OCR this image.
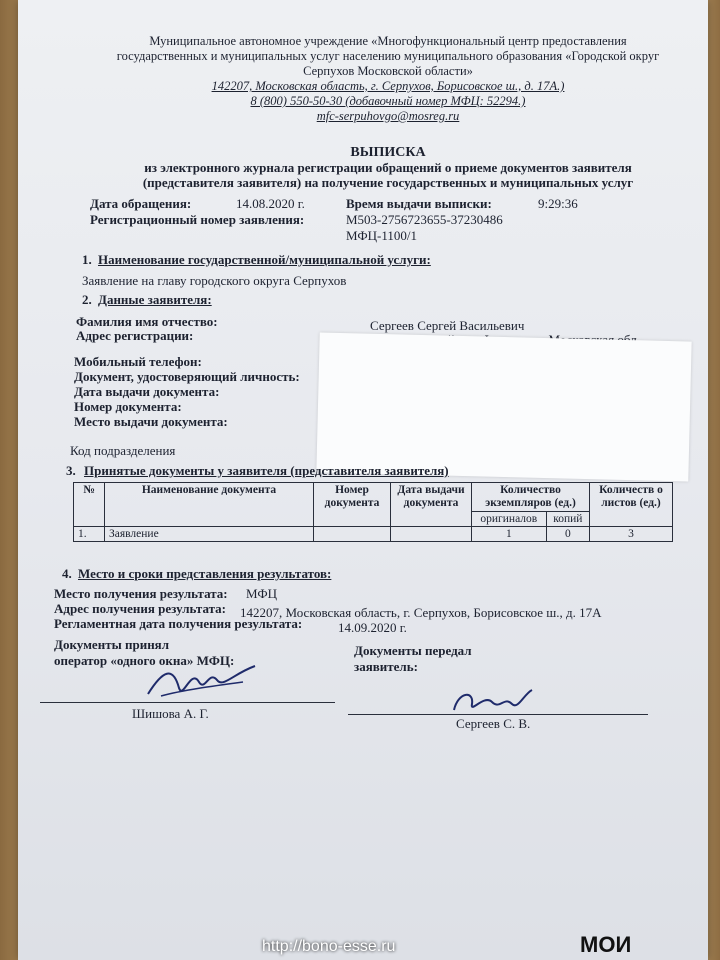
Муниципальное автономное учреждение «Многофункциональный центр предоставления
государственных и муниципальных услуг населению муниципального образования «Городской округ
Серпухов Московской области»
142207, Московская область, г. Серпухов, Борисовское ш., д. 17А.)
8 (800) 550-50-30 (добавочный номер МФЦ: 52294.)
mfc-serpuhovgo@mosreg.ru
ВЫПИСКА
из электронного журнала регистрации обращений о приеме документов заявителя
(представителя заявителя) на получение государственных и муниципальных услуг
Дата обращения:	14.08.2020 г.	Время выдачи выписки:	9:29:36
Регистрационный номер заявления:	М503-2756723655-37230486
МФЦ-1100/1
1. Наименование государственной/муниципальной услуги:
Заявление на главу городского округа Серпухов
2. Данные заявителя:
Фамилия имя отчество:	Сергеев Сергей Васильевич
Адрес регистрации:
Мобильный телефон:
Документ, удостоверяющий личность:
Дата выдачи документа:
Номер документа:
Место выдачи документа:
Код подразделения
3. Принятые документы у заявителя (представителя заявителя)
№	Наименование документа	Номер документа	Дата выдачи документа	Количество экземпляров (ед.)		Количеств о листов (ед.)
				оригиналов	копий	
1.	Заявление			1	0	3
4. Место и сроки представления результатов:
Место получения результата: МФЦ
Адрес получения результата: 142207, Московская область, г. Серпухов, Борисовское ш., д. 17А
Регламентная дата получения результата:	14.09.2020 г.
Документы принял
оператор «одного окна» МФЦ:
Документы передал
заявитель:
Шишова А. Г.
Сергеев С. В.
http://bono-esse.ru	МОИ
